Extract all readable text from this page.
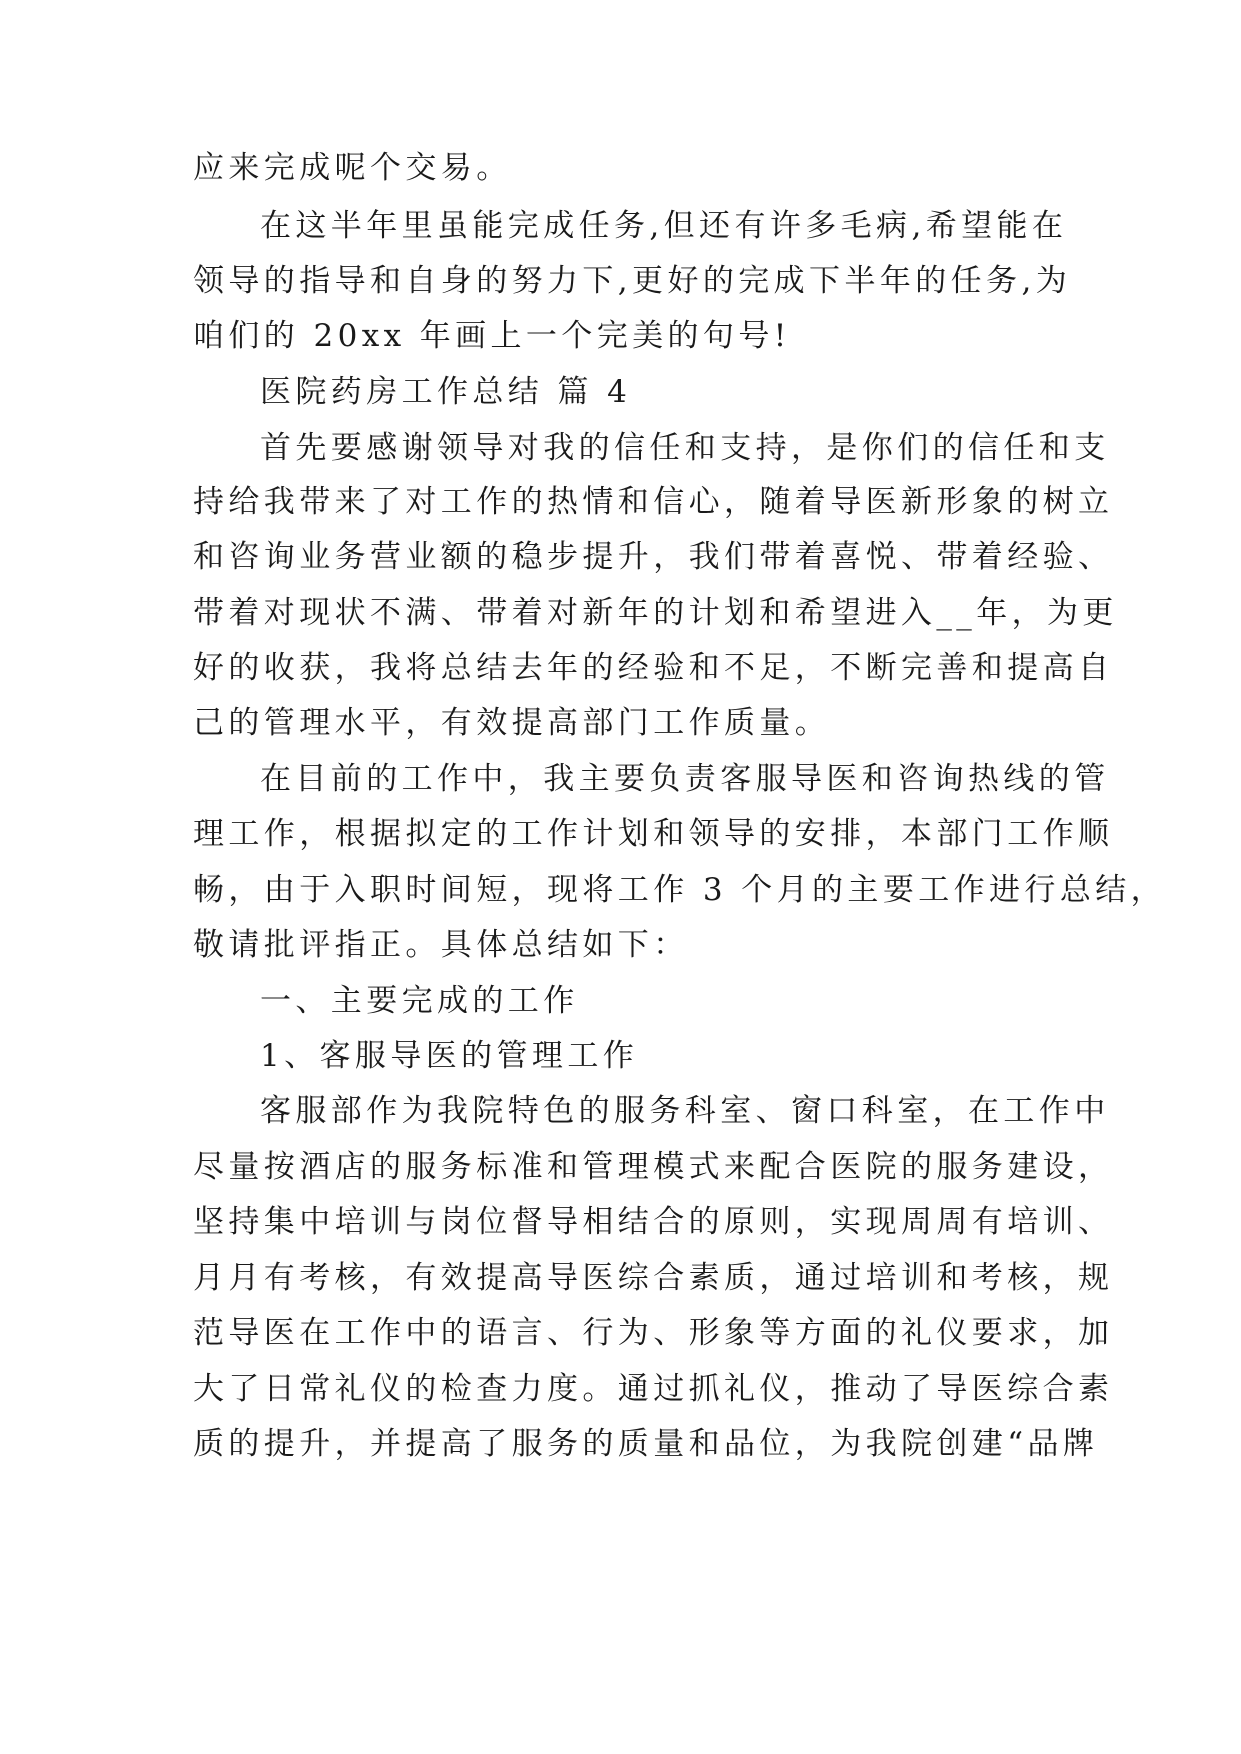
应来完成呢个交易。
在这半年里虽能完成任务,但还有许多毛病,希望能在
领导的指导和自身的努力下,更好的完成下半年的任务,为
咱们的 20xx 年画上一个完美的句号!
医院药房工作总结 篇 4
首先要感谢领导对我的信任和支持，是你们的信任和支
持给我带来了对工作的热情和信心，随着导医新形象的树立
和咨询业务营业额的稳步提升，我们带着喜悦、带着经验、
带着对现状不满、带着对新年的计划和希望进入__年，为更
好的收获，我将总结去年的经验和不足，不断完善和提高自
己的管理水平，有效提高部门工作质量。
在目前的工作中，我主要负责客服导医和咨询热线的管
理工作，根据拟定的工作计划和领导的安排，本部门工作顺
畅，由于入职时间短，现将工作 3 个月的主要工作进行总结，
敬请批评指正。具体总结如下：
一、主要完成的工作
1、客服导医的管理工作
客服部作为我院特色的服务科室、窗口科室，在工作中
尽量按酒店的服务标准和管理模式来配合医院的服务建设，
坚持集中培训与岗位督导相结合的原则，实现周周有培训、
月月有考核，有效提高导医综合素质，通过培训和考核，规
范导医在工作中的语言、行为、形象等方面的礼仪要求，加
大了日常礼仪的检查力度。通过抓礼仪，推动了导医综合素
质的提升，并提高了服务的质量和品位，为我院创建“品牌
